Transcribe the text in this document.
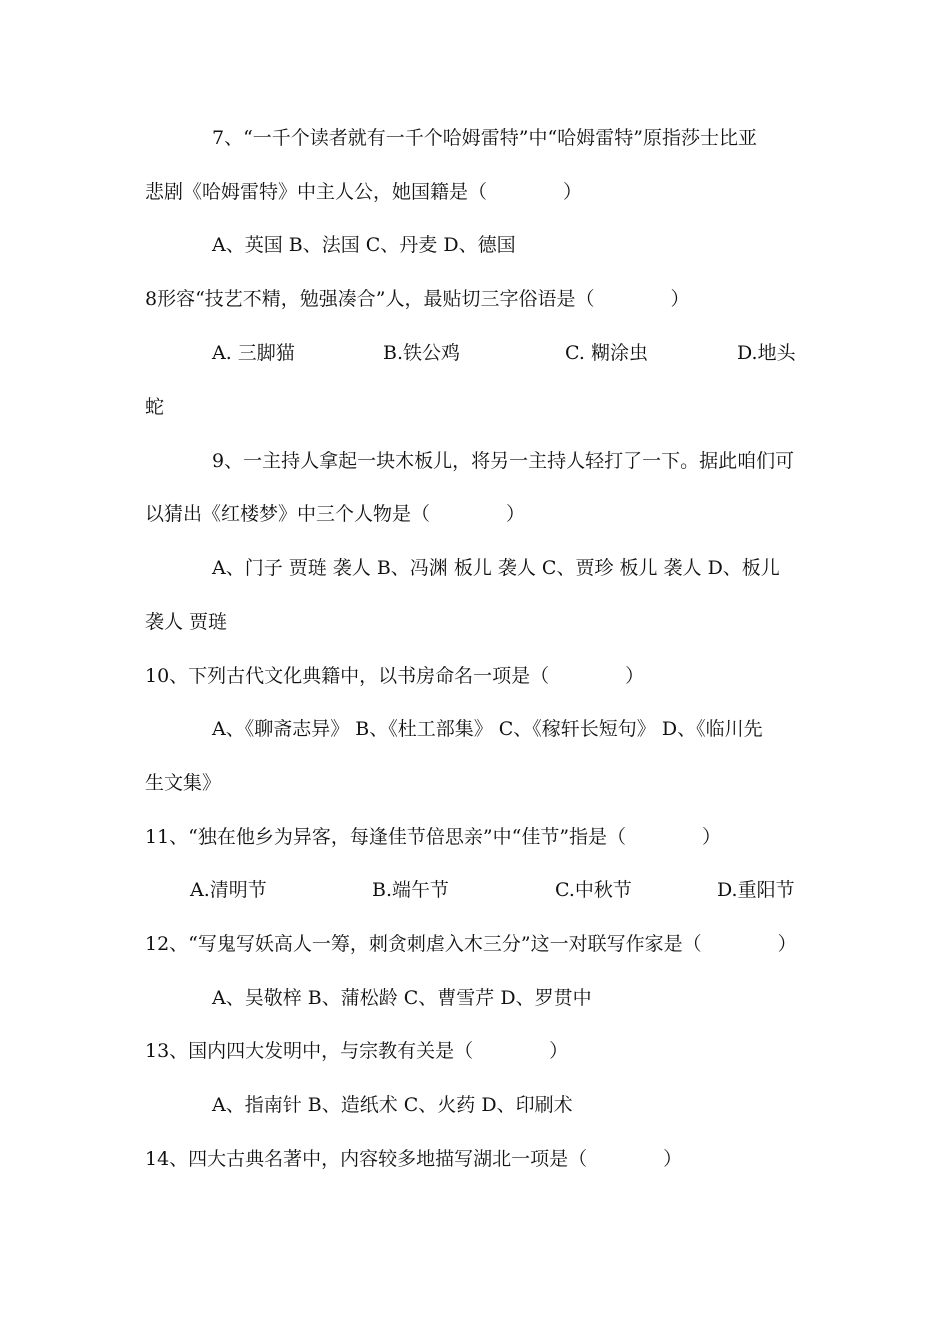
7、“一千个读者就有一千个哈姆雷特”中“哈姆雷特”原指莎士比亚
悲剧《哈姆雷特》中主人公，她国籍是（　　　　）
A、英国 B、法国 C、丹麦 D、德国
8形容“技艺不精，勉强凑合”人，最贴切三字俗语是（　　　　）
A. 三脚猫	B.铁公鸡	C. 糊涂虫	D.地头
蛇
9、一主持人拿起一块木板儿，将另一主持人轻打了一下。据此咱们可
以猜出《红楼梦》中三个人物是（　　　　）
A、门子 贾琏 袭人 B、冯渊 板儿 袭人 C、贾珍 板儿 袭人 D、板儿
袭人 贾琏
10、下列古代文化典籍中，以书房命名一项是（　　　　）
A、《聊斋志异》 B、《杜工部集》 C、《稼轩长短句》 D、《临川先
生文集》
11、“独在他乡为异客，每逢佳节倍思亲”中“佳节”指是（　　　　）
A.清明节	B.端午节	C.中秋节	D.重阳节
12、“写鬼写妖高人一筹，刺贪刺虐入木三分”这一对联写作家是（　　　　）
A、吴敬梓 B、蒲松龄 C、曹雪芹 D、罗贯中
13、国内四大发明中，与宗教有关是（　　　　）
A、指南针 B、造纸术 C、火药 D、印刷术
14、四大古典名著中，内容较多地描写湖北一项是（　　　　）
